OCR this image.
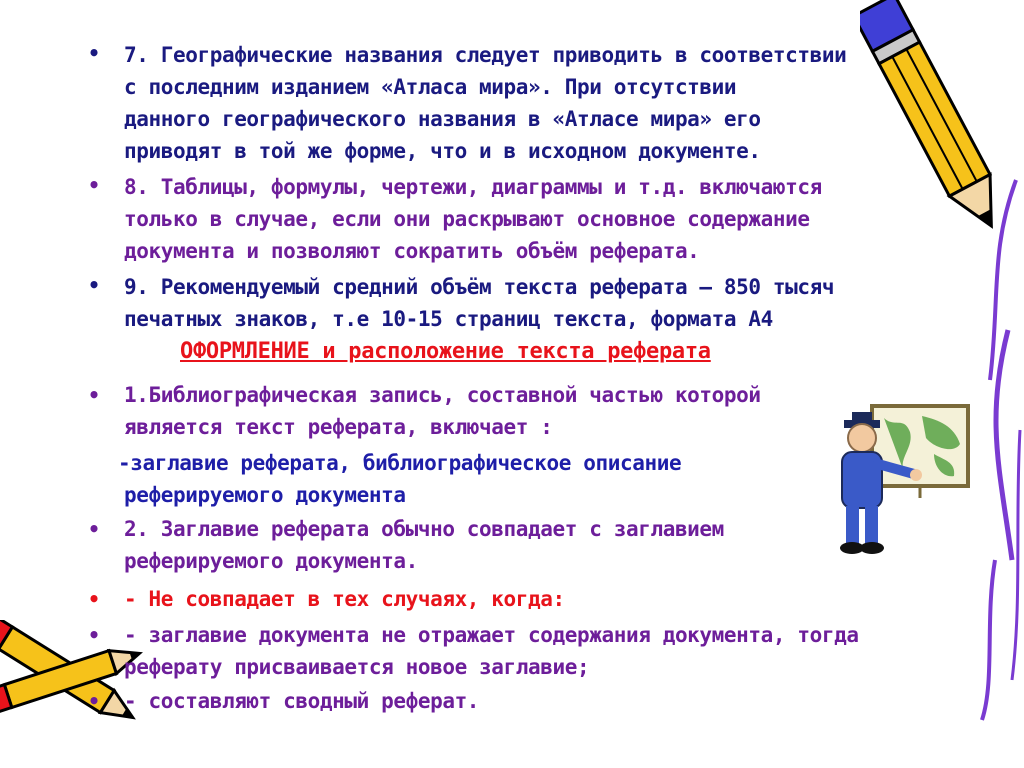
• 7. Географические названия следует приводить в соответствии
с последним изданием «Атласа мира». При отсутствии
данного географического названия в «Атласе мира» его
приводят в той же форме, что и в исходном документе.
• 8. Таблицы, формулы, чертежи, диаграммы и т.д. включаются
только в случае, если они раскрывают основное содержание
документа и позволяют сократить объём реферата.
• 9. Рекомендуемый средний объём текста реферата – 850 тысяч
печатных знаков, т.е 10-15 страниц текста, формата А4
ОФОРМЛЕНИЕ и расположение текста реферата
• 1.Библиографическая запись, составной частью которой
является текст реферата, включает :
-заглавие реферата, библиографическое описание
реферируемого документа
• 2. Заглавие реферата обычно совпадает с заглавием
реферируемого документа.
• - Не совпадает в тех случаях, когда:
• - заглавие документа не отражает содержания документа, тогда
реферату присваивается новое заглавие;
• - составляют сводный реферат.
